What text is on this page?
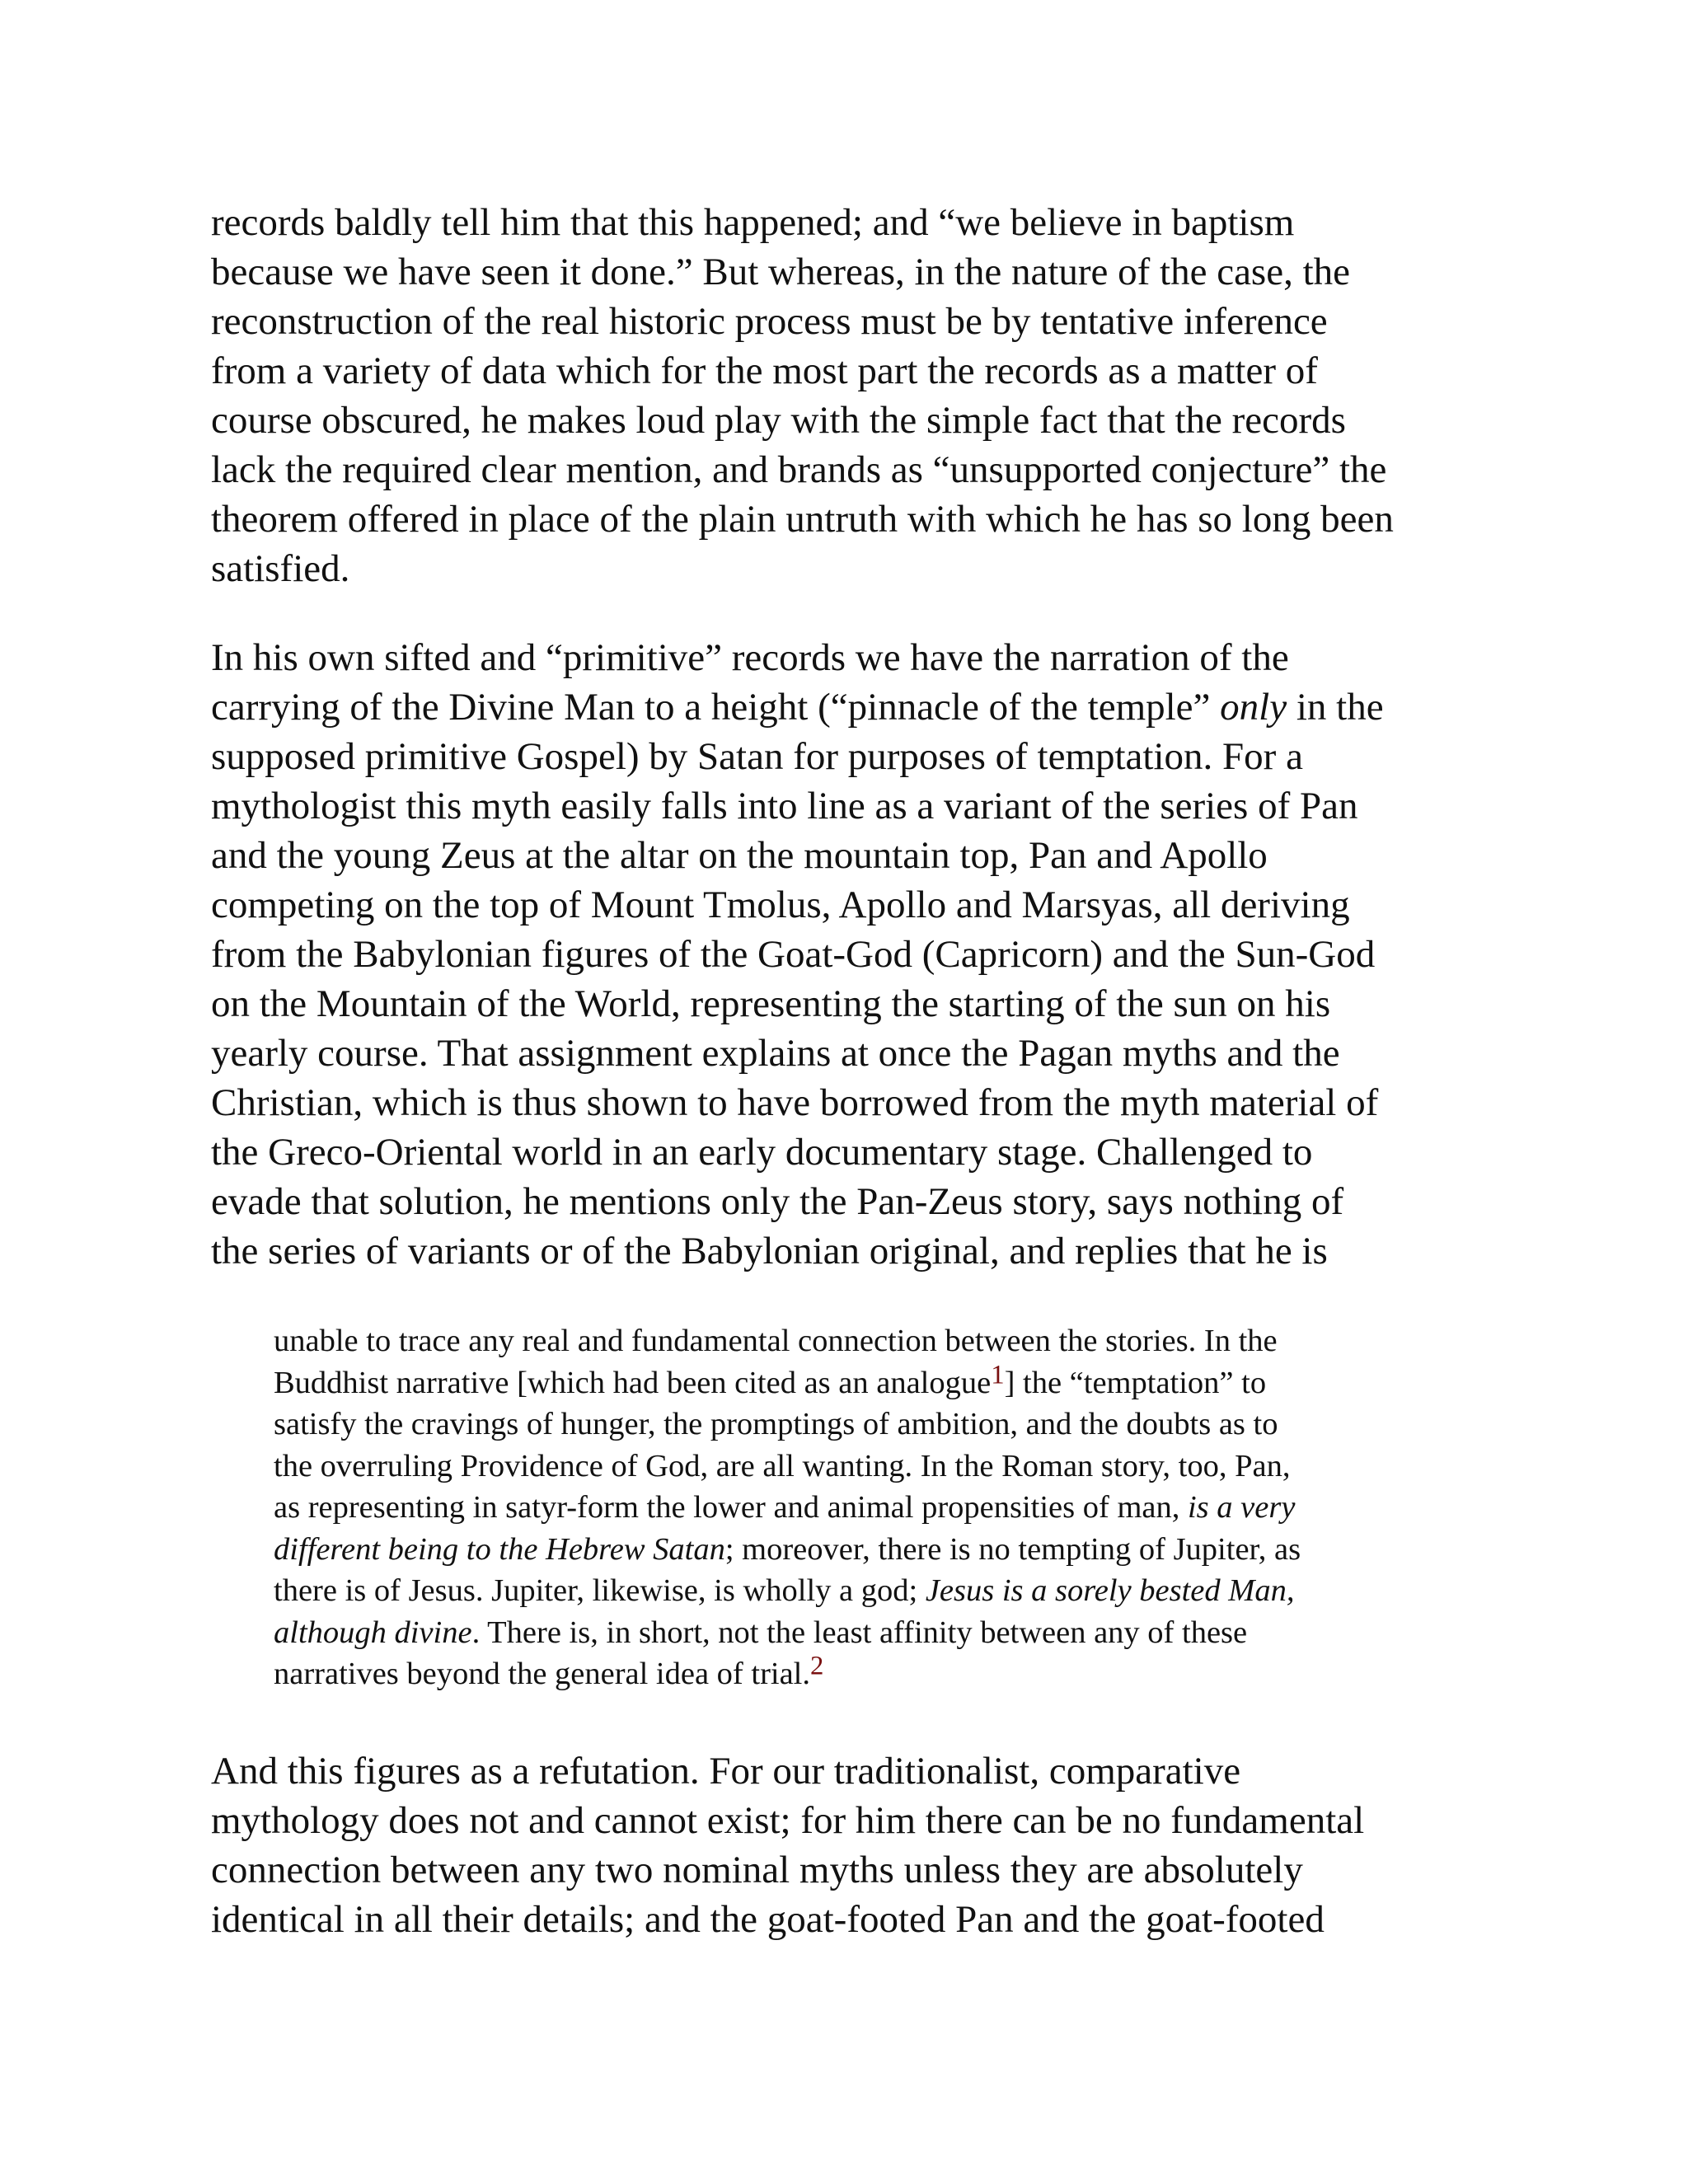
records baldly tell him that this happened; and “we believe in baptism
because we have seen it done.” But whereas, in the nature of the case, the
reconstruction of the real historic process must be by tentative inference
from a variety of data which for the most part the records as a matter of
course obscured, he makes loud play with the simple fact that the records
lack the required clear mention, and brands as “unsupported conjecture” the
theorem offered in place of the plain untruth with which he has so long been
satisfied.

In his own sifted and “primitive” records we have the narration of the
carrying of the Divine Man to a height (“pinnacle of the temple” only in the
supposed primitive Gospel) by Satan for purposes of temptation. For a
mythologist this myth easily falls into line as a variant of the series of Pan
and the young Zeus at the altar on the mountain top, Pan and Apollo
competing on the top of Mount Tmolus, Apollo and Marsyas, all deriving
from the Babylonian figures of the Goat-God (Capricorn) and the Sun-God
on the Mountain of the World, representing the starting of the sun on his
yearly course. That assignment explains at once the Pagan myths and the
Christian, which is thus shown to have borrowed from the myth material of
the Greco-Oriental world in an early documentary stage. Challenged to
evade that solution, he mentions only the Pan-Zeus story, says nothing of
the series of variants or of the Babylonian original, and replies that he is

unable to trace any real and fundamental connection between the stories. In the
Buddhist narrative [which had been cited as an analogue$^1$] the “temptation” to
satisfy the cravings of hunger, the promptings of ambition, and the doubts as to
the overruling Providence of God, are all wanting. In the Roman story, too, Pan,
as representing in satyr-form the lower and animal propensities of man, is a very
different being to the Hebrew Satan; moreover, there is no tempting of Jupiter, as
there is of Jesus. Jupiter, likewise, is wholly a god; Jesus is a sorely bested Man,
although divine. There is, in short, not the least affinity between any of these
narratives beyond the general idea of trial.$^2$

And this figures as a refutation. For our traditionalist, comparative
mythology does not and cannot exist; for him there can be no fundamental
connection between any two nominal myths unless they are absolutely
identical in all their details; and the goat-footed Pan and the goat-footed
